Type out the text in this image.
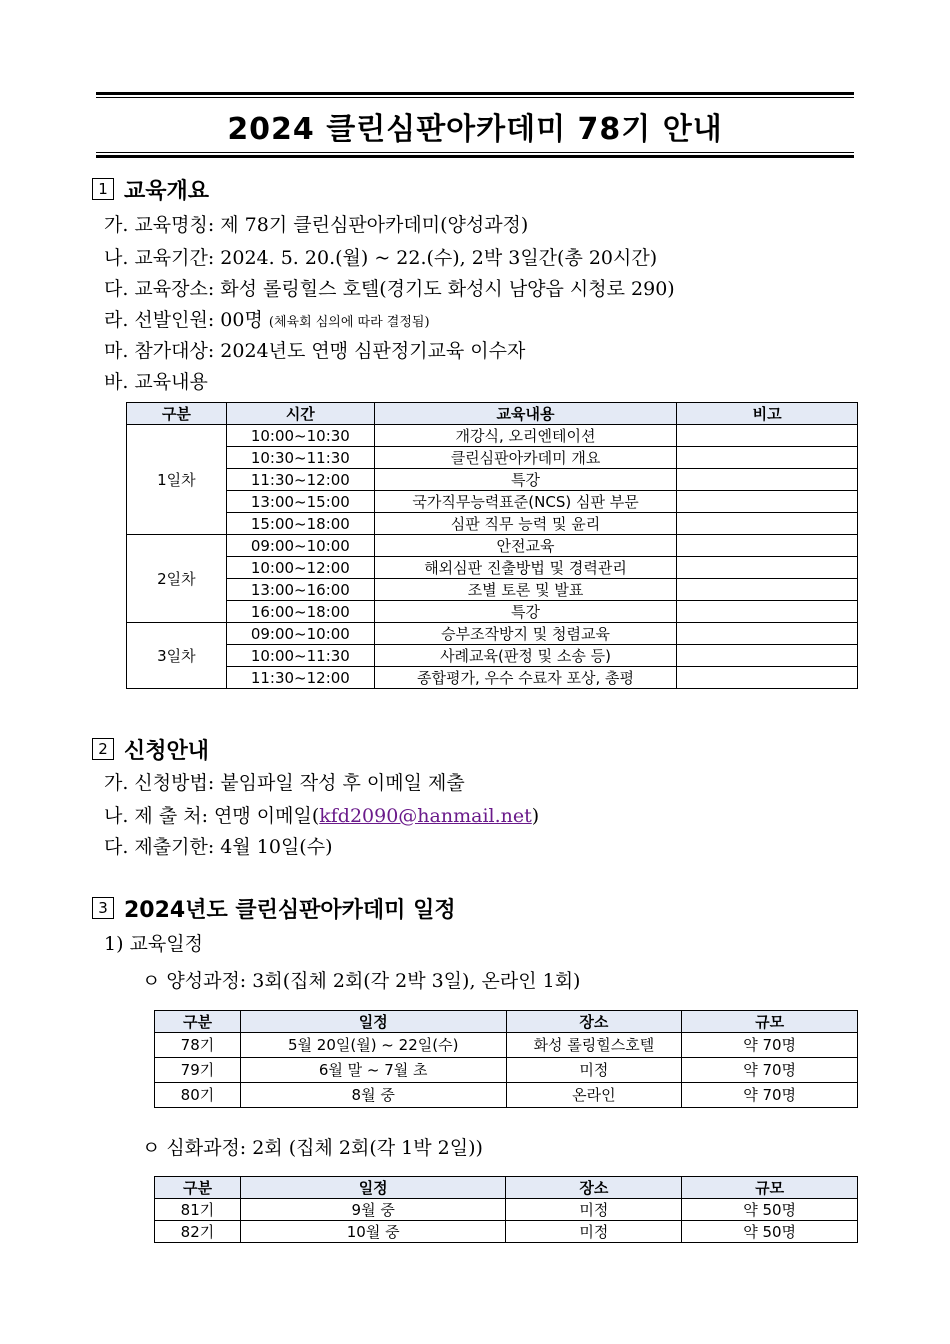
2024 클린심판아카데미 78기 안내
1 교육개요
가. 교육명칭: 제 78기 클린심판아카데미(양성과정)
나. 교육기간: 2024. 5. 20.(월) ~ 22.(수), 2박 3일간(총 20시간)
다. 교육장소: 화성 롤링힐스 호텔(경기도 화성시 남양읍 시청로 290)
라. 선발인원: 00명 (체육회 심의에 따라 결정됨)
마. 참가대상: 2024년도 연맹 심판정기교육 이수자
바. 교육내용
구분	시간	교육내용	비고
1일차	10:00~10:30	개강식, 오리엔테이션	
	10:30~11:30	클린심판아카데미 개요	
	11:30~12:00	특강	
	13:00~15:00	국가직무능력표준(NCS) 심판 부문	
	15:00~18:00	심판 직무 능력 및 윤리	
2일차	09:00~10:00	안전교육	
	10:00~12:00	해외심판 진출방법 및 경력관리	
	13:00~16:00	조별 토론 및 발표	
	16:00~18:00	특강	
3일차	09:00~10:00	승부조작방지 및 청렴교육	
	10:00~11:30	사례교육(판정 및 소송 등)	
	11:30~12:00	종합평가, 우수 수료자 포상, 총평	
2 신청안내
가. 신청방법: 붙임파일 작성 후 이메일 제출
나. 제 출 처: 연맹 이메일(kfd2090@hanmail.net)
다. 제출기한: 4월 10일(수)
3 2024년도 클린심판아카데미 일정
1) 교육일정
ㅇ 양성과정: 3회(집체 2회(각 2박 3일), 온라인 1회)
구분	일정	장소	규모
78기	5월 20일(월) ~ 22일(수)	화성 롤링힐스호텔	약 70명
79기	6월 말 ~ 7월 초	미정	약 70명
80기	8월 중	온라인	약 70명
ㅇ 심화과정: 2회 (집체 2회(각 1박 2일))
구분	일정	장소	규모
81기	9월 중	미정	약 50명
82기	10월 중	미정	약 50명
